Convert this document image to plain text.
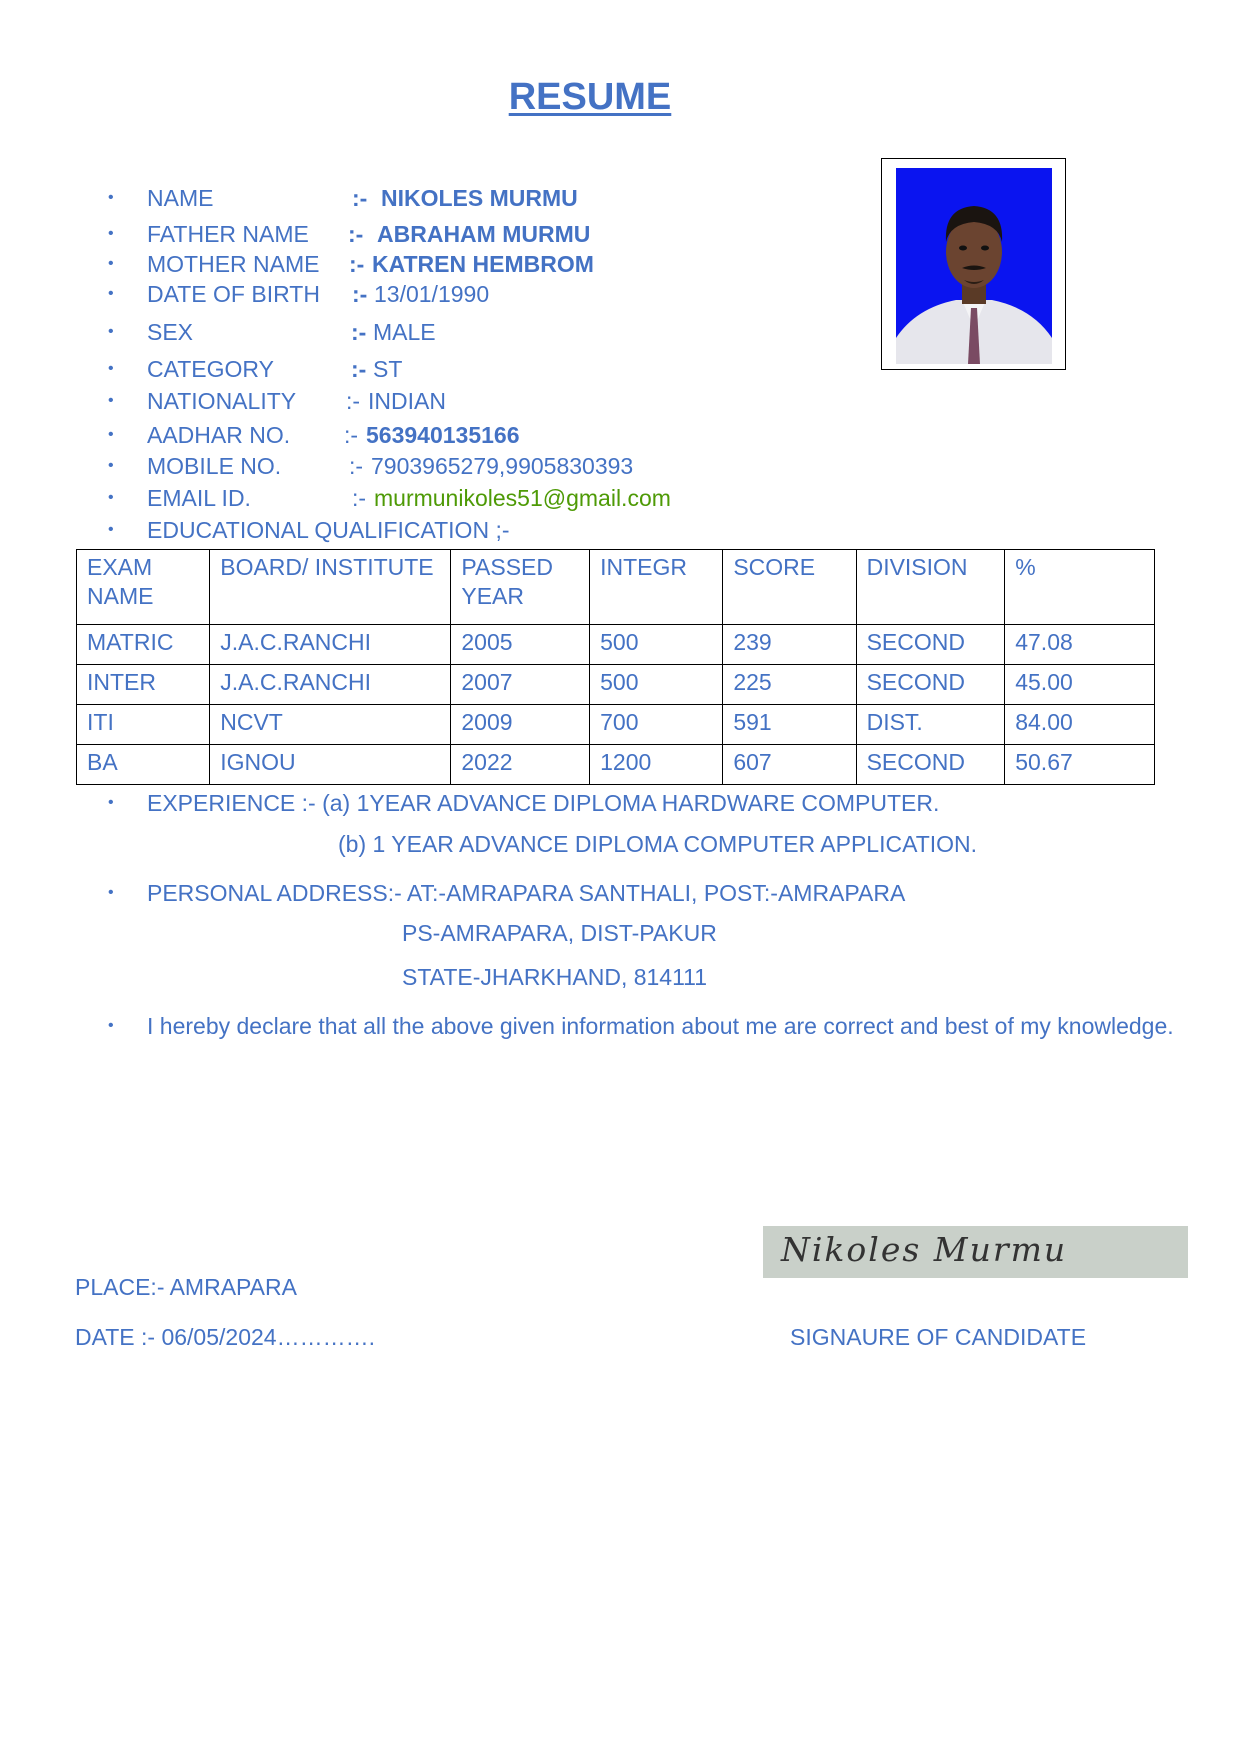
RESUME
• NAME	:- NIKOLES MURMU
• FATHER NAME :- ABRAHAM MURMU
• MOTHER NAME :- KATREN HEMBROM
• DATE OF BIRTH :- 13/01/1990
• SEX	:- MALE
• CATEGORY	:- ST
• NATIONALITY :- INDIAN
• AADHAR NO. :- 563940135166
• MOBILE NO.	:- 7903965279,9905830393
• EMAIL ID.	:- murmunikoles51@gmail.com
• EDUCATIONAL QUALIFICATION ;-
EXAM NAME	BOARD/ INSTITUTE	PASSED YEAR	INTEGR	SCORE	DIVISION	%
MATRIC	J.A.C.RANCHI	2005	500	239	SECOND	47.08
INTER	J.A.C.RANCHI	2007	500	225	SECOND	45.00
ITI	NCVT	2009	700	591	DIST.	84.00
BA	IGNOU	2022	1200	607	SECOND	50.67
• EXPERIENCE :- (a) 1YEAR ADVANCE DIPLOMA HARDWARE COMPUTER.
(b) 1 YEAR ADVANCE DIPLOMA COMPUTER APPLICATION.
• PERSONAL ADDRESS:- AT:-AMRAPARA SANTHALI, POST:-AMRAPARA
PS-AMRAPARA, DIST-PAKUR
STATE-JHARKHAND, 814111
• I hereby declare that all the above given information about me are correct and best of my knowledge.
Nikoles Murmu
PLACE:- AMRAPARA
DATE :- 06/05/2024………….	SIGNAURE OF CANDIDATE
